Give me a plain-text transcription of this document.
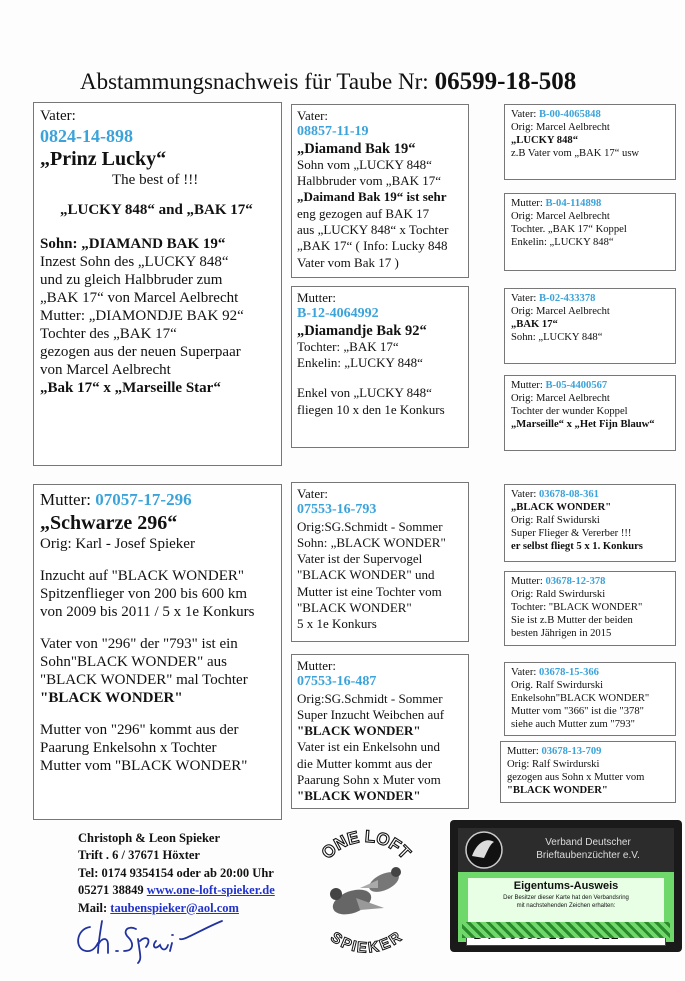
Abstammungsnachweis für Taube Nr: 06599-18-508
Vater:
0824-14-898
„Prinz Lucky“
The best of !!!
„LUCKY 848“ and „BAK 17“
Sohn: „DIAMAND BAK 19“
Inzest Sohn des „LUCKY 848“
und zu gleich Halbbruder zum
„BAK 17“ von Marcel Aelbrecht
Mutter: „DIAMONDJE BAK 92“
Tochter des „BAK 17“
gezogen aus der neuen Superpaar
von Marcel Aelbrecht
„Bak 17“ x „Marseille Star“
Mutter: 07057-17-296
„Schwarze 296“
Orig: Karl - Josef Spieker
Inzucht auf "BLACK WONDER"
Spitzenflieger von 200 bis 600 km
von 2009 bis 2011 / 5 x 1e Konkurs
Vater von "296" der "793" ist ein
Sohn"BLACK WONDER" aus
"BLACK WONDER" mal Tochter
"BLACK WONDER"
Mutter von "296" kommt aus der
Paarung Enkelsohn x Tochter
Mutter vom "BLACK WONDER"
Vater:
08857-11-19
„Diamand Bak 19“
Sohn vom „LUCKY 848“
Halbbruder vom „BAK 17“
„Daimand Bak 19“ ist sehr
eng gezogen auf BAK 17
aus „LUCKY 848“ x Tochter
„BAK 17“ ( Info: Lucky 848
Vater vom Bak 17 )
Mutter:
B-12-4064992
„Diamandje Bak 92“
Tochter: „BAK 17“
Enkelin: „LUCKY 848“
Enkel von „LUCKY 848“
fliegen 10 x den 1e Konkurs
Vater:
07553-16-793
Orig:SG.Schmidt - Sommer
Sohn: „BLACK WONDER"
Vater ist der Supervogel
"BLACK WONDER" und
Mutter ist eine Tochter vom
"BLACK WONDER"
5 x 1e Konkurs
Mutter:
07553-16-487
Orig:SG.Schmidt - Sommer
Super Inzucht Weibchen auf
"BLACK WONDER"
Vater ist ein Enkelsohn und
die Mutter kommt aus der
Paarung Sohn x Muter vom
"BLACK WONDER"
Vater: B-00-4065848
Orig: Marcel Aelbrecht
„LUCKY 848“
z.B Vater vom „BAK 17“ usw
Mutter: B-04-114898
Orig: Marcel Aelbrecht
Tochter. „BAK 17“ Koppel
Enkelin: „LUCKY 848“
Vater: B-02-433378
Orig: Marcel Aelbrecht
„BAK 17“
Sohn: „LUCKY 848“
Mutter: B-05-4400567
Orig: Marcel Aelbrecht
Tochter der wunder Koppel
„Marseille“ x „Het Fijn Blauw“
Vater: 03678-08-361
„BLACK WONDER"
Orig: Ralf Swidurski
Super Flieger & Vererber !!!
er selbst fliegt 5 x 1. Konkurs
Mutter: 03678-12-378
Orig: Rald Swirdurski
Tochter: "BLACK WONDER"
Sie ist z.B Mutter der beiden
besten Jährigen in 2015
Vater: 03678-15-366
Orig. Ralf Swirdurski
Enkelsohn"BLACK WONDER"
Mutter vom "366" ist die "378"
siehe auch Mutter zum "793"
Mutter: 03678-13-709
Orig: Ralf Swirdurski
gezogen aus Sohn x Mutter vom
"BLACK WONDER"
Christoph & Leon Spieker
Trift . 6 / 37671 Höxter
Tel: 0174 9354154 oder ab 20:00 Uhr
05271 38849 www.one-loft-spieker.de
Mail: taubenspieker@aol.com
ONE LOFT
SPIEKER
Verband Deutscher
Brieftaubenzüchter e.V.
Eigentums-Ausweis
Der Besitzer dieser Karte hat den Verbandsring
mit nachstehenden Zeichen erhalten:
